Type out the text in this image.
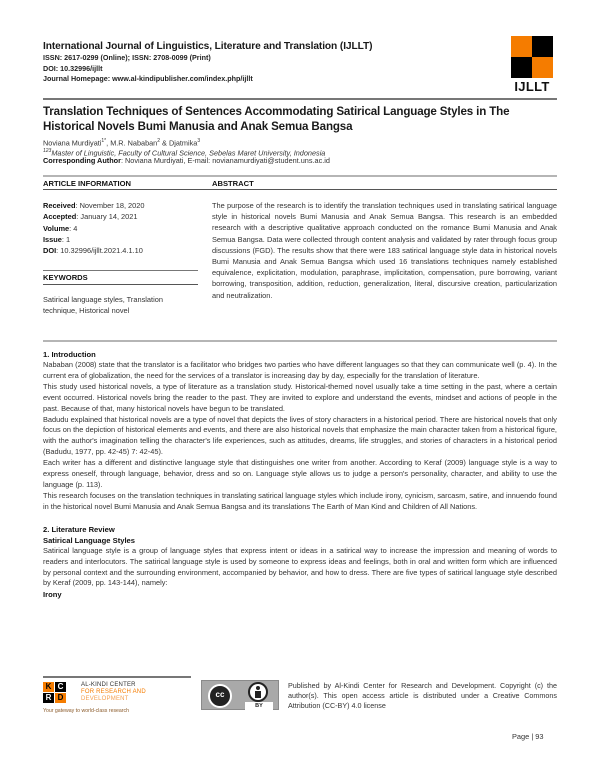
International Journal of Linguistics, Literature and Translation (IJLLT)
ISSN: 2617-0299 (Online); ISSN: 2708-0099 (Print)
DOI: 10.32996/ijllt
Journal Homepage: www.al-kindipublisher.com/index.php/ijllt
IJLLT
Translation Techniques of Sentences Accommodating Satirical Language Styles in The
Historical Novels Bumi Manusia and Anak Semua Bangsa
Noviana Murdiyati$^{1*}$, M.R. Nababan$^2$ & Djatmika$^3$
$^{123}$Master of Linguistic, Faculty of Cultural Science, Sebelas Maret University, Indonesia
Corresponding Author: Noviana Murdiyati, E-mail: novianamurdiyati@student.uns.ac.id
ARTICLE INFORMATION	ABSTRACT
Received: November 18, 2020
Accepted: January 14, 2021
Volume: 4
Issue: 1
DOI: 10.32996/ijllt.2021.4.1.10
KEYWORDS
Satirical language styles, Translation technique, Historical novel
The purpose of the research is to identify the translation techniques used in translating satirical language style in historical novels Bumi Manusia and Anak Semua Bangsa. This research is an embedded research with a descriptive qualitative approach conducted on the romance Bumi Manusia and Anak Semua Bangsa. Data were collected through content analysis and validated by rater through focus group discussions (FGD). The results show that there were 183 satirical language style data in historical novels Bumi Manusia and Anak Semua Bangsa which used 16 translations techniques namely established equivalence, explicitation, modulation, paraphrase, implicitation, compensation, pure borrowing, variant borrowing, transposition, addition, reduction, generalization, literal, discursive creation, particularization and neutralization.
1. Introduction

Nababan (2008) state that the translator is a facilitator who bridges two parties who have different languages so that they can communicate well (p. 4). In the current era of globalization, the need for the services of a translator is increasing day by day, especially for the translation of literature.

This study used historical novels, a type of literature as a translation study. Historical-themed novel usually take a time setting in the past, where a certain event occurred. Historical novels bring the reader to the past. They are invited to explore and understand the events, mindset and actions of people in the past. Because of that, many historical novels have begun to be translated.

Badudu explained that historical novels are a type of novel that depicts the lives of story characters in a historical period. There are historical novels that only focus on the depiction of historical elements and events, and there are also historical novels that emphasize the main character taken from a historical figure, with the author's imagination telling the character's life experiences, such as attitudes, dreams, life struggles, and stories of characters in a historical period (Badudu, 1977, pp. 42-45) 7: 42-45).

Each writer has a different and distinctive language style that distinguishes one writer from another. According to Keraf (2009) language style is a way to express oneself, through language, behavior, dress and so on. Language style allows us to judge a person's personality, character, and ability to use the language (p. 113).

This research focuses on the translation techniques in translating satirical language styles which include irony, cynicism, sarcasm, satire, and innuendo found in the historical novel Bumi Manusia and Anak Semua Bangsa and its translations The Earth of Man Kind and Children of All Nations.

2. Literature Review
Satirical Language Styles

Satirical language style is a group of language styles that express intent or ideas in a satirical way to increase the impression and meaning of words to readers and interlocutors. The satirical language style is used by someone to express ideas and feelings, both in oral and written form which are influenced by personal context and the surrounding environment, accompanied by behavior, and how to dress. There are five types of satirical language style described by Keraf (2009, pp. 143-144), namely:

Irony
K C
R D
AL-KINDI CENTER
FOR RESEARCH AND
DEVELOPMENT
Your gateway to world-class research
cc
BY
Published by Al-Kindi Center for Research and Development. Copyright (c) the author(s). This open access article is distributed under a Creative Commons Attribution (CC-BY) 4.0 license
Page | 93
